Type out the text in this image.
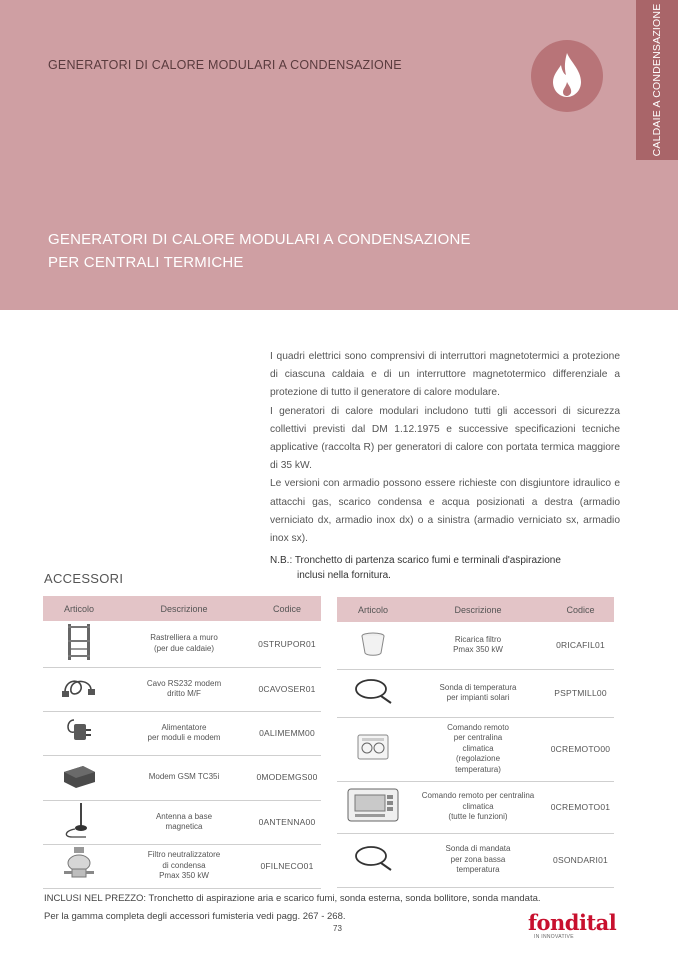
GENERATORI DI CALORE MODULARI A CONDENSAZIONE	CALDAIE A CONDENSAZIONE
GENERATORI DI CALORE MODULARI A CONDENSAZIONE
PER CENTRALI TERMICHE

I quadri elettrici sono comprensivi di interruttori magnetotermici a protezione di ciascuna caldaia e di un interruttore magnetotermico differenziale a protezione di tutto il generatore di calore modulare.

I generatori di calore modulari includono tutti gli accessori di sicurezza collettivi previsti dal DM 1.12.1975 e successive specificazioni tecniche applicative (raccolta R) per generatori di calore con portata termica maggiore di 35 kW.

Le versioni con armadio possono essere richieste con disgiuntore idraulico e attacchi gas, scarico condensa e acqua posizionati a destra (armadio verniciato dx, armadio inox dx) o a sinistra (armadio verniciato sx, armadio inox sx).

N.B.: Tronchetto di partenza scarico fumi e terminali d'aspirazione
inclusi nella fornitura.
ACCESSORI
Articolo	Descrizione	Codice
	Rastrelliera a muro
(per due caldaie)	0STRUPOR01
	Cavo RS232 modem
dritto M/F	0CAVOSER01
	Alimentatore
per moduli e modem	0ALIMEMM00
	Modem GSM TC35i	0MODEMGS00
	Antenna a base
magnetica	0ANTENNA00
	Filtro neutralizzatore
di condensa
Pmax 350 kW	0FILNECO01
Articolo	Descrizione	Codice
	Ricarica filtro
Pmax 350 kW	0RICAFIL01
	Sonda di temperatura
per impianti solari	PSPTMILL00
	Comando remoto
per centralina
climatica
(regolazione
temperatura)	0CREMOTO00
	Comando remoto per centralina
climatica
(tutte le funzioni)	0CREMOTO01
	Sonda di mandata
per zona bassa
temperatura	0SONDARI01
INCLUSI NEL PREZZO: Tronchetto di aspirazione aria e scarico fumi, sonda esterna, sonda bollitore, sonda mandata.
Per la gamma completa degli accessori fumisteria vedi pagg. 267 - 268.
73	fondital
IN INNOVATIVE
